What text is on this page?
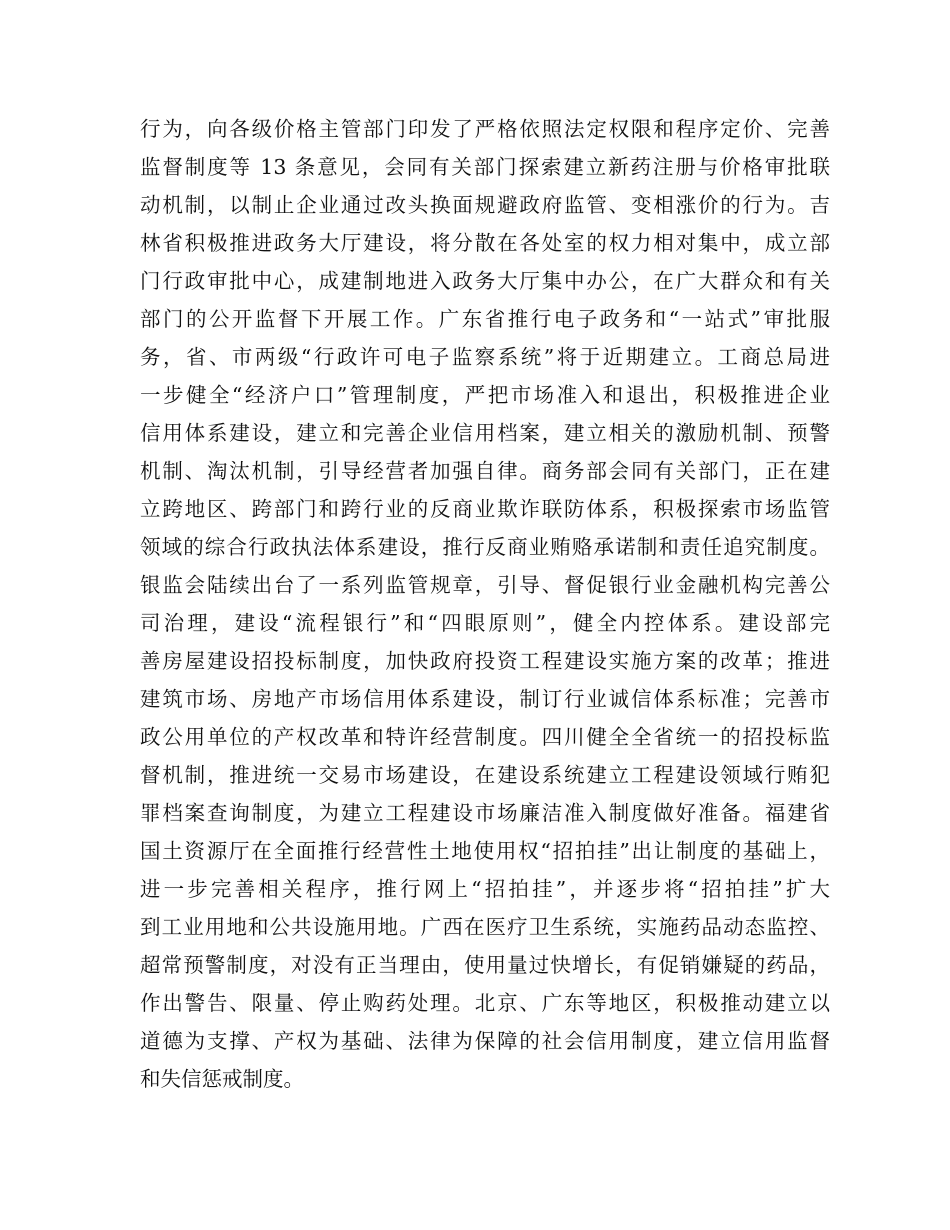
行为，向各级价格主管部门印发了严格依照法定权限和程序定价、完善
监督制度等 13 条意见，会同有关部门探索建立新药注册与价格审批联
动机制，以制止企业通过改头换面规避政府监管、变相涨价的行为。吉
林省积极推进政务大厅建设，将分散在各处室的权力相对集中，成立部
门行政审批中心，成建制地进入政务大厅集中办公，在广大群众和有关
部门的公开监督下开展工作。广东省推行电子政务和“一站式”审批服
务，省、市两级“行政许可电子监察系统”将于近期建立。工商总局进
一步健全“经济户口”管理制度，严把市场准入和退出，积极推进企业
信用体系建设，建立和完善企业信用档案，建立相关的激励机制、预警
机制、淘汰机制，引导经营者加强自律。商务部会同有关部门，正在建
立跨地区、跨部门和跨行业的反商业欺诈联防体系，积极探索市场监管
领域的综合行政执法体系建设，推行反商业贿赂承诺制和责任追究制度。
银监会陆续出台了一系列监管规章，引导、督促银行业金融机构完善公
司治理，建设“流程银行”和“四眼原则”，健全内控体系。建设部完
善房屋建设招投标制度，加快政府投资工程建设实施方案的改革；推进
建筑市场、房地产市场信用体系建设，制订行业诚信体系标准；完善市
政公用单位的产权改革和特许经营制度。四川健全全省统一的招投标监
督机制，推进统一交易市场建设，在建设系统建立工程建设领域行贿犯
罪档案查询制度，为建立工程建设市场廉洁准入制度做好准备。福建省
国土资源厅在全面推行经营性土地使用权“招拍挂”出让制度的基础上，
进一步完善相关程序，推行网上“招拍挂”，并逐步将“招拍挂”扩大
到工业用地和公共设施用地。广西在医疗卫生系统，实施药品动态监控、
超常预警制度，对没有正当理由，使用量过快增长，有促销嫌疑的药品，
作出警告、限量、停止购药处理。北京、广东等地区，积极推动建立以
道德为支撑、产权为基础、法律为保障的社会信用制度，建立信用监督
和失信惩戒制度。
